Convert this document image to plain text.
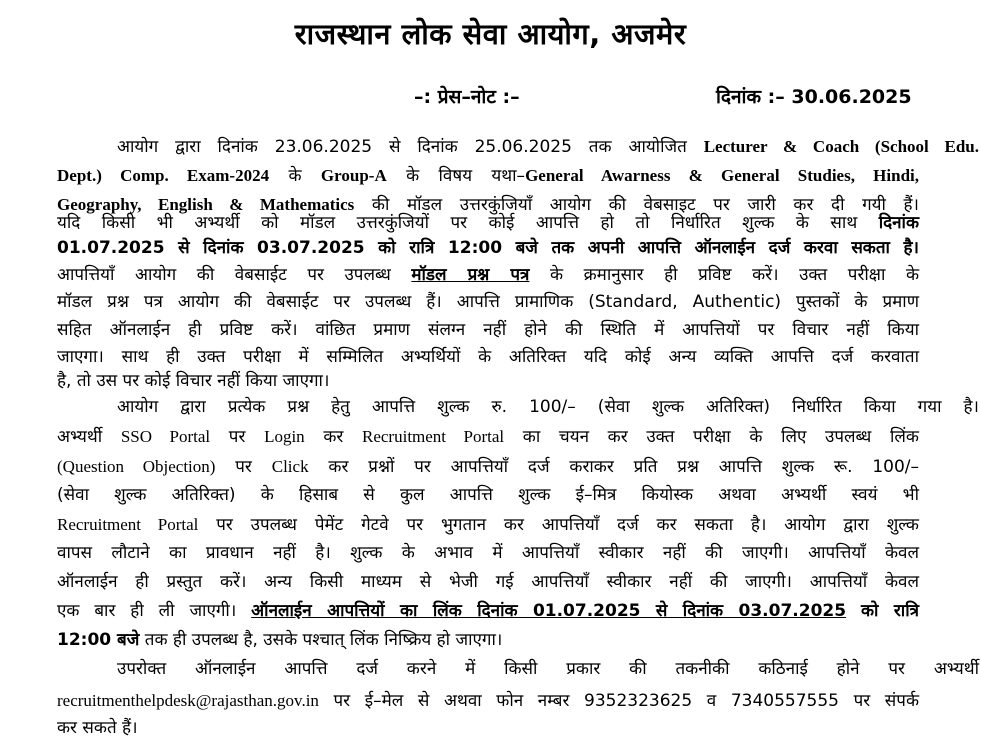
राजस्थान लोक सेवा आयोग, अजमेर
–: प्रेस–नोट :–	दिनांक :– 30.06.2025
आयोग द्वारा दिनांक 23.06.2025 से दिनांक 25.06.2025 तक आयोजित Lecturer & Coach (School Edu.
Dept.) Comp. Exam-2024 के Group-A के विषय यथा–General Awarness & General Studies, Hindi,
Geography, English & Mathematics की मॉडल उत्तरकुंजियाँ आयोग की वेबसाइट पर जारी कर दी गयी हैं।
यदि किसी भी अभ्यर्थी को मॉडल उत्तरकुंजियों पर कोई आपत्ति हो तो निर्धारित शुल्क के साथ दिनांक
01.07.2025 से दिनांक 03.07.2025 को रात्रि 12:00 बजे तक अपनी आपत्ति ऑनलाईन दर्ज करवा सकता है।
आपत्तियाँ आयोग की वेबसाईट पर उपलब्ध मॉडल प्रश्न पत्र के क्रमानुसार ही प्रविष्ट करें। उक्त परीक्षा के
मॉडल प्रश्न पत्र आयोग की वेबसाईट पर उपलब्ध हैं। आपत्ति प्रामाणिक (Standard, Authentic) पुस्तकों के प्रमाण
सहित ऑनलाईन ही प्रविष्ट करें। वांछित प्रमाण संलग्न नहीं होने की स्थिति में आपत्तियों पर विचार नहीं किया
जाएगा। साथ ही उक्त परीक्षा में सम्मिलित अभ्यर्थियों के अतिरिक्त यदि कोई अन्य व्यक्ति आपत्ति दर्ज करवाता
है, तो उस पर कोई विचार नहीं किया जाएगा।
आयोग द्वारा प्रत्येक प्रश्न हेतु आपत्ति शुल्क रु. 100/– (सेवा शुल्क अतिरिक्त) निर्धारित किया गया है।
अभ्यर्थी SSO Portal पर Login कर Recruitment Portal का चयन कर उक्त परीक्षा के लिए उपलब्ध लिंक
(Question Objection) पर Click कर प्रश्नों पर आपत्तियाँ दर्ज कराकर प्रति प्रश्न आपत्ति शुल्क रू. 100/–
(सेवा शुल्क अतिरिक्त) के हिसाब से कुल आपत्ति शुल्क ई–मित्र कियोस्क अथवा अभ्यर्थी स्वयं भी
Recruitment Portal पर उपलब्ध पेमेंट गेटवे पर भुगतान कर आपत्तियाँ दर्ज कर सकता है। आयोग द्वारा शुल्क
वापस लौटाने का प्रावधान नहीं है। शुल्क के अभाव में आपत्तियाँ स्वीकार नहीं की जाएगी। आपत्तियाँ केवल
ऑनलाईन ही प्रस्तुत करें। अन्य किसी माध्यम से भेजी गई आपत्तियाँ स्वीकार नहीं की जाएगी। आपत्तियाँ केवल
एक बार ही ली जाएगी। ऑनलाईन आपत्तियों का लिंक दिनांक 01.07.2025 से दिनांक 03.07.2025 को रात्रि
12:00 बजे तक ही उपलब्ध है, उसके पश्चात् लिंक निष्क्रिय हो जाएगा।
उपरोक्त ऑनलाईन आपत्ति दर्ज करने में किसी प्रकार की तकनीकी कठिनाई होने पर अभ्यर्थी
recruitmenthelpdesk@rajasthan.gov.in पर ई–मेल से अथवा फोन नम्बर 9352323625 व 7340557555 पर संपर्क
कर सकते हैं।
